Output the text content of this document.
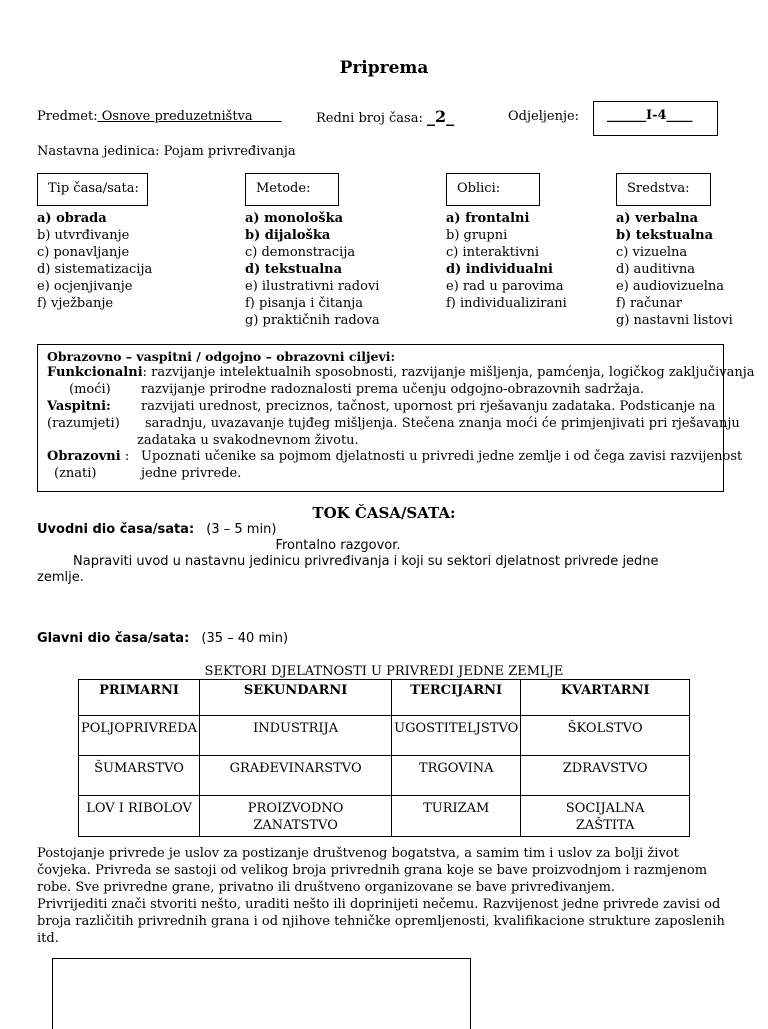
Priprema
Predmet: Osnove preduzetništva	Redni broj časa: _2_	Odjeljenje: ______I-4____
Nastavna jedinica: Pojam privređivanja
Tip časa/sata:	Metode:	Oblici:	Sredstva:
a) obrada
b) utvrđivanje
c) ponavljanje
d) sistematizacija
e) ocjenjivanje
f) vježbanje
a) monološka
b) dijaloška
c) demonstracija
d) tekstualna
e) ilustrativni radovi
f) pisanja i čitanja
g) praktičnih radova
a) frontalni
b) grupni
c) interaktivni
d) individualni
e) rad u parovima
f) individualizirani
a) verbalna
b) tekstualna
c) vizuelna
d) auditivna
e) audiovizuelna
f) računar
g) nastavni listovi
Obrazovno – vaspitni / odgojno – obrazovni ciljevi:
Funkcionalni: razvijanje intelektualnih sposobnosti, razvijanje mišljenja, pamćenja, logičkog zaključivanja
(moći) razvijanje prirodne radoznalosti prema učenju odgojno-obrazovnih sadržaja.
Vaspitni: razvijati urednost, preciznos, tačnost, upornost pri rješavanju zadataka. Podsticanje na
(razumjeti) saradnju, uvazavanje tujđeg mišljenja. Stečena znanja moći će primjenjivati pri rješavanju
zadataka u svakodnevnom životu.
Obrazovni : Upoznati učenike sa pojmom djelatnosti u privredi jedne zemlje i od čega zavisi razvijenost
(znati)	jedne privrede.
TOK ČASA/SATA:
Uvodni dio časa/sata: (3 – 5 min)
Frontalno razgovor.
Napraviti uvod u nastavnu jedinicu privređivanja i koji su sektori djelatnost privrede jedne
zemlje.
Glavni dio časa/sata: (35 – 40 min)
SEKTORI DJELATNOSTI U PRIVREDI JEDNE ZEMLJE
PRIMARNI	SEKUNDARNI	TERCIJARNI	KVARTARNI
POLJOPRIVREDA	INDUSTRIJA	UGOSTITELJSTVO	ŠKOLSTVO
ŠUMARSTVO	GRAĐEVINARSTVO	TRGOVINA	ZDRAVSTVO
LOV I RIBOLOV	PROIZVODNO ZANATSTVO	TURIZAM	SOCIJALNA ZAŠTITA

Postojanje privrede je uslov za postizanje društvenog bogatstva, a samim tim i uslov za bolji život čovjeka. Privreda se sastoji od velikog broja privrednih grana koje se bave proizvodnjom i razmjenom robe. Sve privredne grane, privatno ili društveno organizovane se bave privređivanjem.

Privrijediti znači stvoriti nešto, uraditi nešto ili doprinijeti nečemu. Razvijenost jedne privrede zavisi od broja različitih privrednih grana i od njihove tehničke opremljenosti, kvalifikacione strukture zaposlenih itd.
